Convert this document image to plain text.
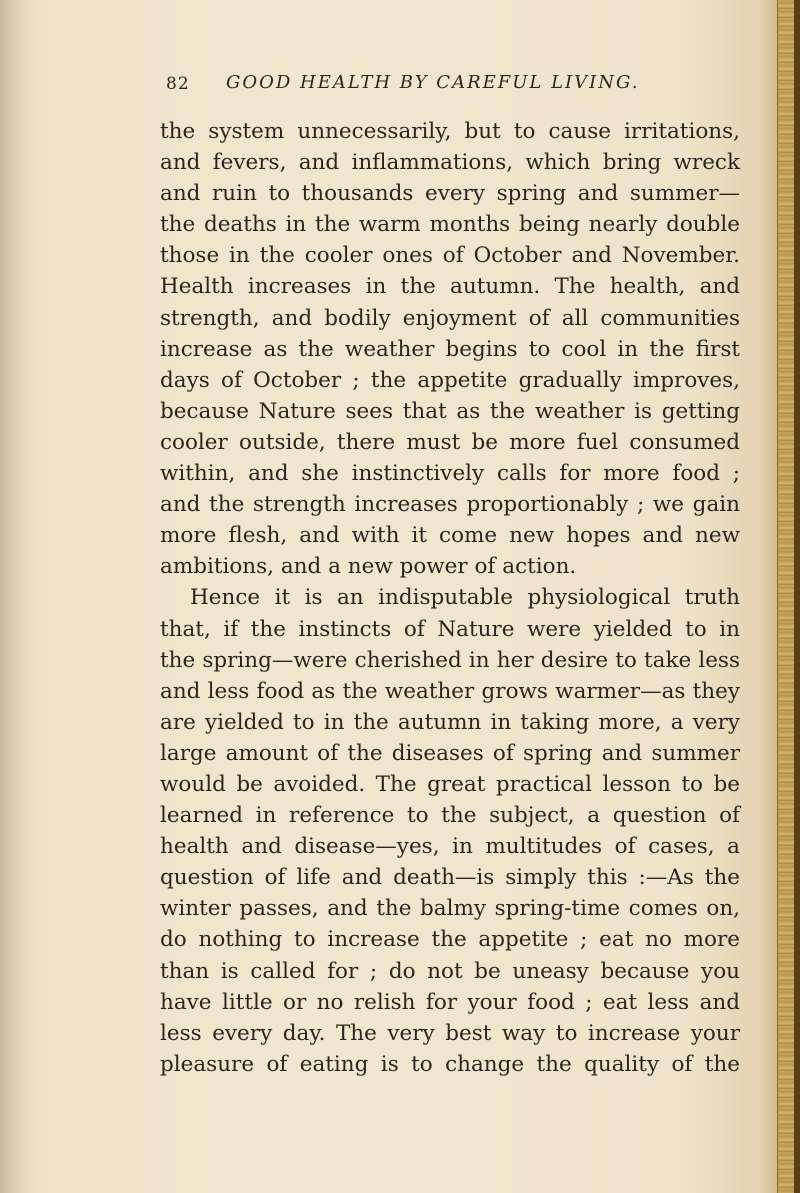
82 GOOD HEALTH BY CAREFUL LIVING.
the system unnecessarily, but to cause irritations,
and fevers, and inflammations, which bring wreck
and ruin to thousands every spring and summer—
the deaths in the warm months being nearly double
those in the cooler ones of October and November.
Health increases in the autumn. The health, and
strength, and bodily enjoyment of all communities
increase as the weather begins to cool in the first
days of October ; the appetite gradually improves,
because Nature sees that as the weather is getting
cooler outside, there must be more fuel consumed
within, and she instinctively calls for more food ;
and the strength increases proportionably ; we gain
more flesh, and with it come new hopes and new
ambitions, and a new power of action.
Hence it is an indisputable physiological truth
that, if the instincts of Nature were yielded to in
the spring—were cherished in her desire to take less
and less food as the weather grows warmer—as they
are yielded to in the autumn in taking more, a very
large amount of the diseases of spring and summer
would be avoided. The great practical lesson to be
learned in reference to the subject, a question of
health and disease—yes, in multitudes of cases, a
question of life and death—is simply this :—As the
winter passes, and the balmy spring-time comes on,
do nothing to increase the appetite ; eat no more
than is called for ; do not be uneasy because you
have little or no relish for your food ; eat less and
less every day. The very best way to increase your
pleasure of eating is to change the quality of the
